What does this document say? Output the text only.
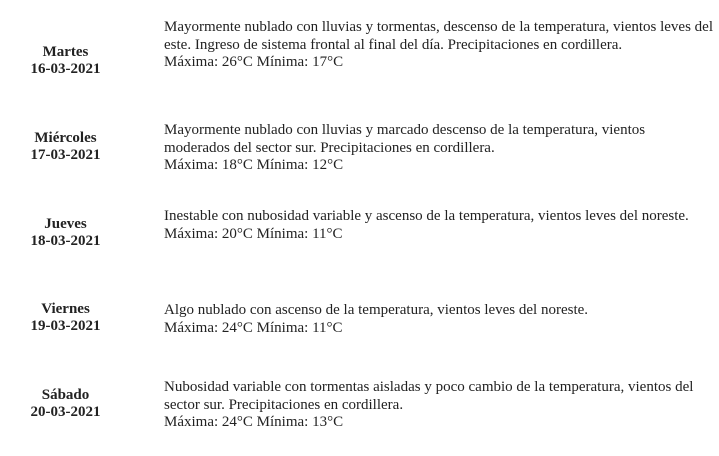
Martes
16-03-2021

Mayormente nublado con lluvias y tormentas, descenso de la temperatura, vientos leves del este. Ingreso de sistema frontal al final del día. Precipitaciones en cordillera.

Máxima: 26°C Mínima: 17°C

Miércoles
17-03-2021

Mayormente nublado con lluvias y marcado descenso de la temperatura, vientos moderados del sector sur. Precipitaciones en cordillera.

Máxima: 18°C Mínima: 12°C

Jueves
18-03-2021

Inestable con nubosidad variable y ascenso de la temperatura, vientos leves del noreste.

Máxima: 20°C Mínima: 11°C

Viernes
19-03-2021

Algo nublado con ascenso de la temperatura, vientos leves del noreste.

Máxima: 24°C Mínima: 11°C

Sábado
20-03-2021

Nubosidad variable con tormentas aisladas y poco cambio de la temperatura, vientos del sector sur. Precipitaciones en cordillera.

Máxima: 24°C Mínima: 13°C
